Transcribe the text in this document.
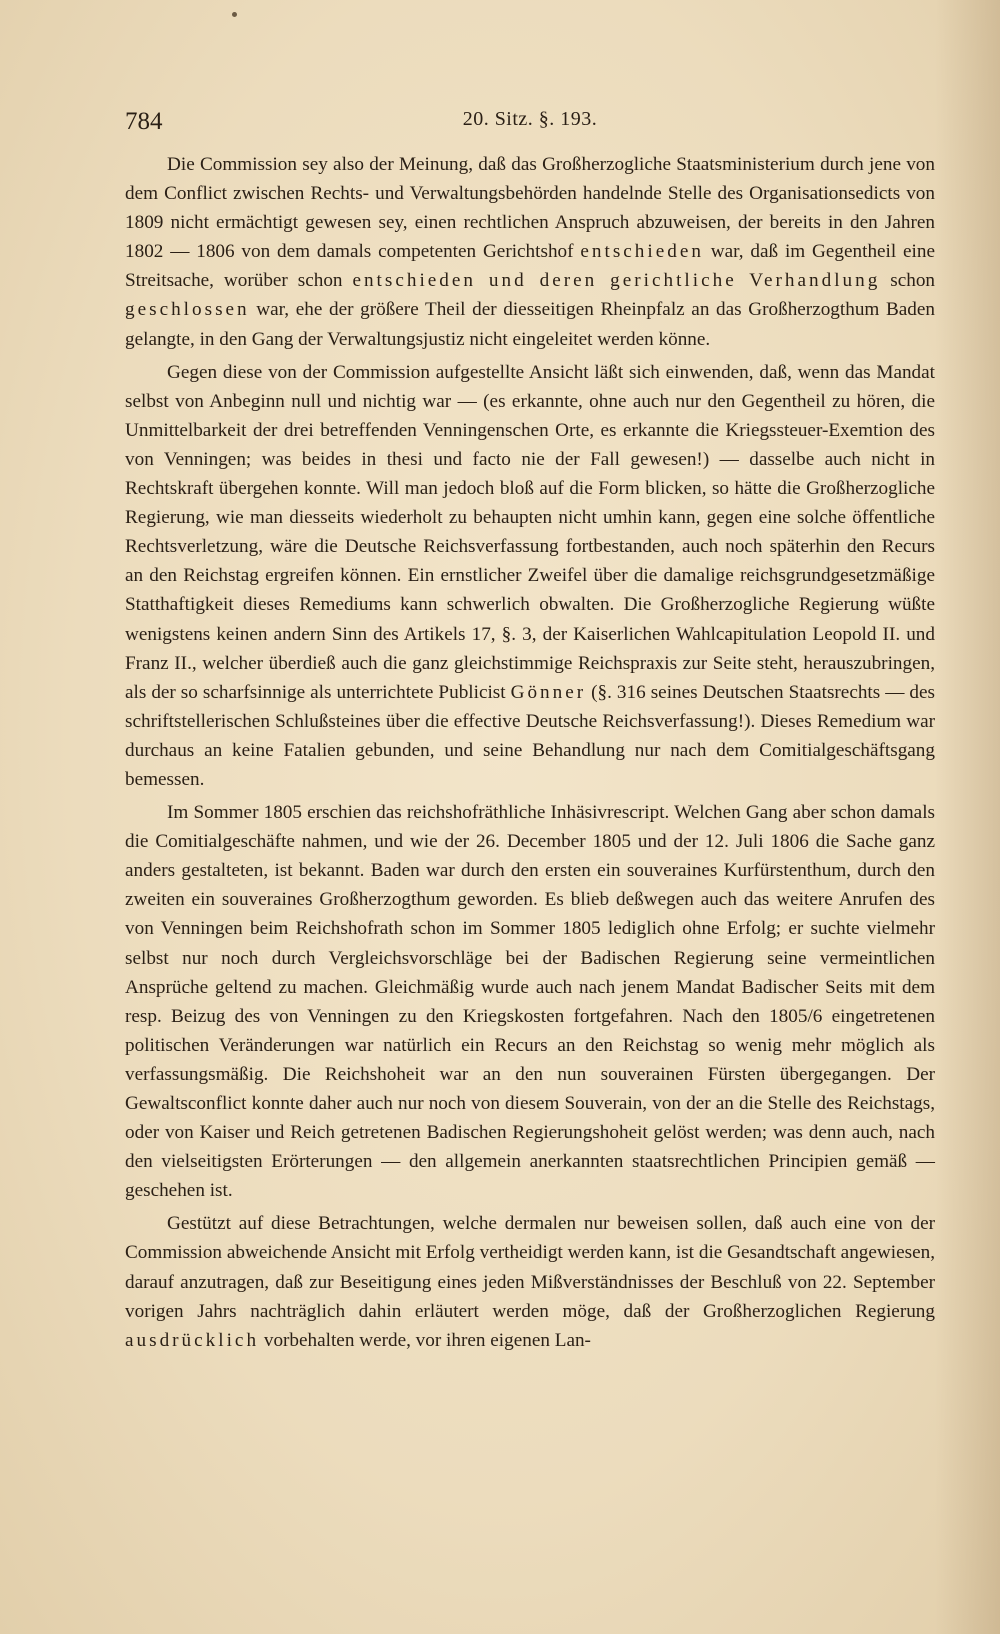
784	20. Sitz. §. 193.

Die Commission sey also der Meinung, daß das Großherzogliche Staatsministerium durch jene von dem Conflict zwischen Rechts- und Verwaltungsbehörden handelnde Stelle des Organisationsedicts von 1809 nicht ermächtigt gewesen sey, einen rechtlichen Anspruch abzuweisen, der bereits in den Jahren 1802 — 1806 von dem damals competenten Gerichtshof entschieden war, daß im Gegentheil eine Streitsache, worüber schon entschieden und deren gerichtliche Verhandlung schon geschlossen war, ehe der größere Theil der diesseitigen Rheinpfalz an das Großherzogthum Baden gelangte, in den Gang der Verwaltungsjustiz nicht eingeleitet werden könne.

Gegen diese von der Commission aufgestellte Ansicht läßt sich einwenden, daß, wenn das Mandat selbst von Anbeginn null und nichtig war — (es erkannte, ohne auch nur den Gegentheil zu hören, die Unmittelbarkeit der drei betreffenden Venningenschen Orte, es erkannte die Kriegssteuer-Exemtion des von Venningen; was beides in thesi und facto nie der Fall gewesen!) — dasselbe auch nicht in Rechtskraft übergehen konnte. Will man jedoch bloß auf die Form blicken, so hätte die Großherzogliche Regierung, wie man diesseits wiederholt zu behaupten nicht umhin kann, gegen eine solche öffentliche Rechtsverletzung, wäre die Deutsche Reichsverfassung fortbestanden, auch noch späterhin den Recurs an den Reichstag ergreifen können. Ein ernstlicher Zweifel über die damalige reichsgrundgesetzmäßige Statthaftigkeit dieses Remediums kann schwerlich obwalten. Die Großherzogliche Regierung wüßte wenigstens keinen andern Sinn des Artikels 17, §. 3, der Kaiserlichen Wahlcapitulation Leopold II. und Franz II., welcher überdieß auch die ganz gleichstimmige Reichspraxis zur Seite steht, herauszubringen, als der so scharfsinnige als unterrichtete Publicist Gönner (§. 316 seines Deutschen Staatsrechts — des schriftstellerischen Schlußsteines über die effective Deutsche Reichsverfassung!). Dieses Remedium war durchaus an keine Fatalien gebunden, und seine Behandlung nur nach dem Comitialgeschäftsgang bemessen.

Im Sommer 1805 erschien das reichshofräthliche Inhäsivrescript. Welchen Gang aber schon damals die Comitialgeschäfte nahmen, und wie der 26. December 1805 und der 12. Juli 1806 die Sache ganz anders gestalteten, ist bekannt. Baden war durch den ersten ein souveraines Kurfürstenthum, durch den zweiten ein souveraines Großherzogthum geworden. Es blieb deßwegen auch das weitere Anrufen des von Venningen beim Reichshofrath schon im Sommer 1805 lediglich ohne Erfolg; er suchte vielmehr selbst nur noch durch Vergleichsvorschläge bei der Badischen Regierung seine vermeintlichen Ansprüche geltend zu machen. Gleichmäßig wurde auch nach jenem Mandat Badischer Seits mit dem resp. Beizug des von Venningen zu den Kriegskosten fortgefahren. Nach den 1805/6 eingetretenen politischen Veränderungen war natürlich ein Recurs an den Reichstag so wenig mehr möglich als verfassungsmäßig. Die Reichshoheit war an den nun souverainen Fürsten übergegangen. Der Gewaltsconflict konnte daher auch nur noch von diesem Souverain, von der an die Stelle des Reichstags, oder von Kaiser und Reich getretenen Badischen Regierungshoheit gelöst werden; was denn auch, nach den vielseitigsten Erörterungen — den allgemein anerkannten staatsrechtlichen Principien gemäß — geschehen ist.

Gestützt auf diese Betrachtungen, welche dermalen nur beweisen sollen, daß auch eine von der Commission abweichende Ansicht mit Erfolg vertheidigt werden kann, ist die Gesandtschaft angewiesen, darauf anzutragen, daß zur Beseitigung eines jeden Mißverständnisses der Beschluß von 22. September vorigen Jahrs nachträglich dahin erläutert werden möge, daß der Großherzoglichen Regierung ausdrücklich vorbehalten werde, vor ihren eigenen Lan-
